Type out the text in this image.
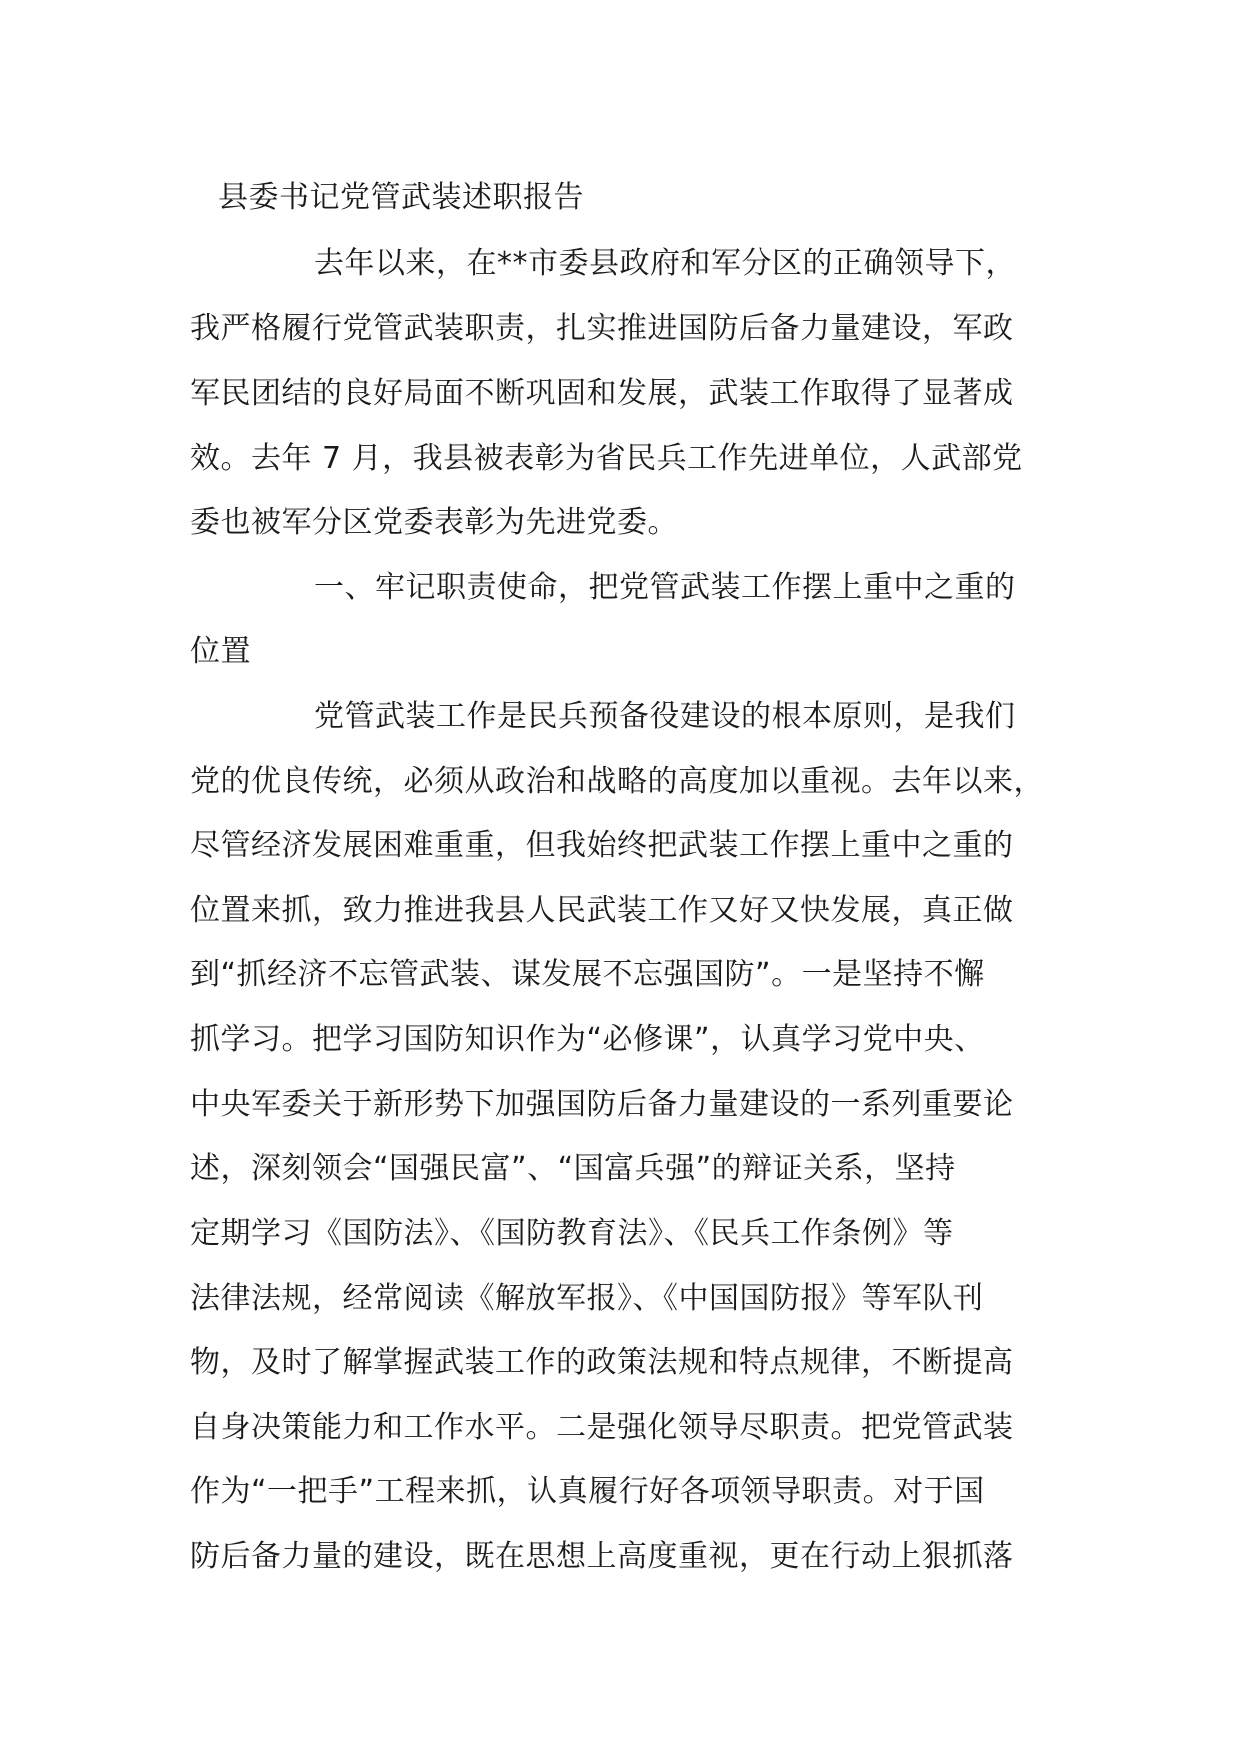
县委书记党管武装述职报告
去年以来，在**市委县政府和军分区的正确领导下，
我严格履行党管武装职责，扎实推进国防后备力量建设，军政
军民团结的良好局面不断巩固和发展，武装工作取得了显著成
效。去年 7 月，我县被表彰为省民兵工作先进单位，人武部党
委也被军分区党委表彰为先进党委。
一、牢记职责使命，把党管武装工作摆上重中之重的
位置
党管武装工作是民兵预备役建设的根本原则，是我们
党的优良传统，必须从政治和战略的高度加以重视。去年以来，
尽管经济发展困难重重，但我始终把武装工作摆上重中之重的
位置来抓，致力推进我县人民武装工作又好又快发展，真正做
到“抓经济不忘管武装、谋发展不忘强国防”。一是坚持不懈
抓学习。把学习国防知识作为“必修课”，认真学习党中央、
中央军委关于新形势下加强国防后备力量建设的一系列重要论
述，深刻领会“国强民富”、“国富兵强”的辩证关系，坚持
定期学习《国防法》、《国防教育法》、《民兵工作条例》等
法律法规，经常阅读《解放军报》、《中国国防报》等军队刊
物，及时了解掌握武装工作的政策法规和特点规律，不断提高
自身决策能力和工作水平。二是强化领导尽职责。把党管武装
作为“一把手”工程来抓，认真履行好各项领导职责。对于国
防后备力量的建设，既在思想上高度重视，更在行动上狠抓落
